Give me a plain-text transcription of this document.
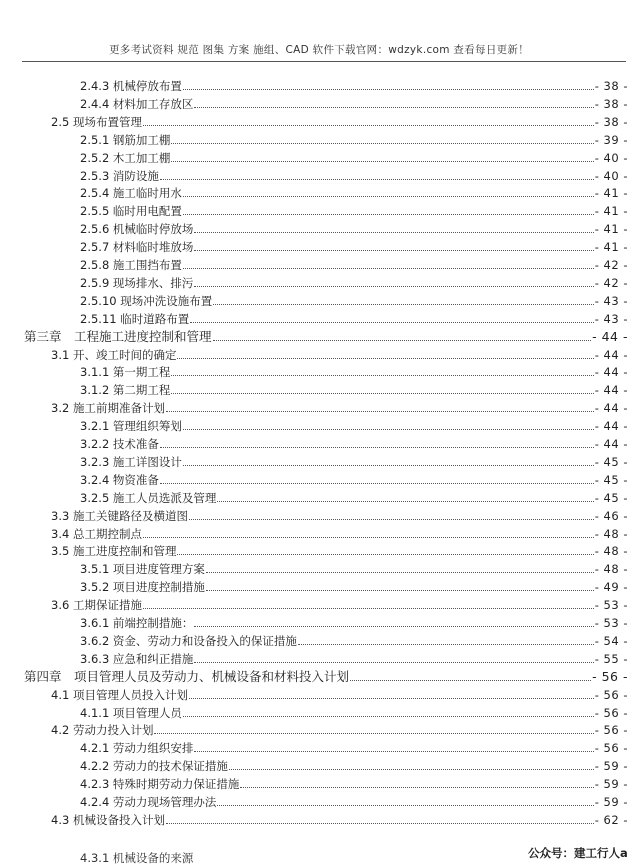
更多考试资料 规范 图集 方案 施组、CAD 软件下载官网：wdzyk.com 查看每日更新！
2.4.3 机械停放布置	- 38 -
2.4.4 材料加工存放区	- 38 -
2.5 现场布置管理	- 38 -
2.5.1 钢筋加工棚	- 39 -
2.5.2 木工加工棚	- 40 -
2.5.3 消防设施	- 40 -
2.5.4 施工临时用水	- 41 -
2.5.5 临时用电配置	- 41 -
2.5.6 机械临时停放场	- 41 -
2.5.7 材料临时堆放场	- 41 -
2.5.8 施工围挡布置	- 42 -
2.5.9 现场排水、排污	- 42 -
2.5.10 现场冲洗设施布置	- 43 -
2.5.11 临时道路布置	- 43 -
第三章　工程施工进度控制和管理	- 44 -
3.1 开、竣工时间的确定	- 44 -
3.1.1 第一期工程	- 44 -
3.1.2 第二期工程	- 44 -
3.2 施工前期准备计划	- 44 -
3.2.1 管理组织筹划	- 44 -
3.2.2 技术准备	- 44 -
3.2.3 施工详图设计	- 45 -
3.2.4 物资准备	- 45 -
3.2.5 施工人员选派及管理	- 45 -
3.3 施工关键路径及横道图	- 46 -
3.4 总工期控制点	- 48 -
3.5 施工进度控制和管理	- 48 -
3.5.1 项目进度管理方案	- 48 -
3.5.2 项目进度控制措施	- 49 -
3.6 工期保证措施	- 53 -
3.6.1 前端控制措施：	- 53 -
3.6.2 资金、劳动力和设备投入的保证措施	- 54 -
3.6.3 应急和纠正措施	- 55 -
第四章　项目管理人员及劳动力、机械设备和材料投入计划	- 56 -
4.1 项目管理人员投入计划	- 56 -
4.1.1 项目管理人员	- 56 -
4.2 劳动力投入计划	- 56 -
4.2.1 劳动力组织安排	- 56 -
4.2.2 劳动力的技术保证措施	- 59 -
4.2.3 特殊时期劳动力保证措施	- 59 -
4.2.4 劳动力现场管理办法	- 59 -
4.3 机械设备投入计划	- 62 -
4.3.1 机械设备的来源	公众号：建工行人a
